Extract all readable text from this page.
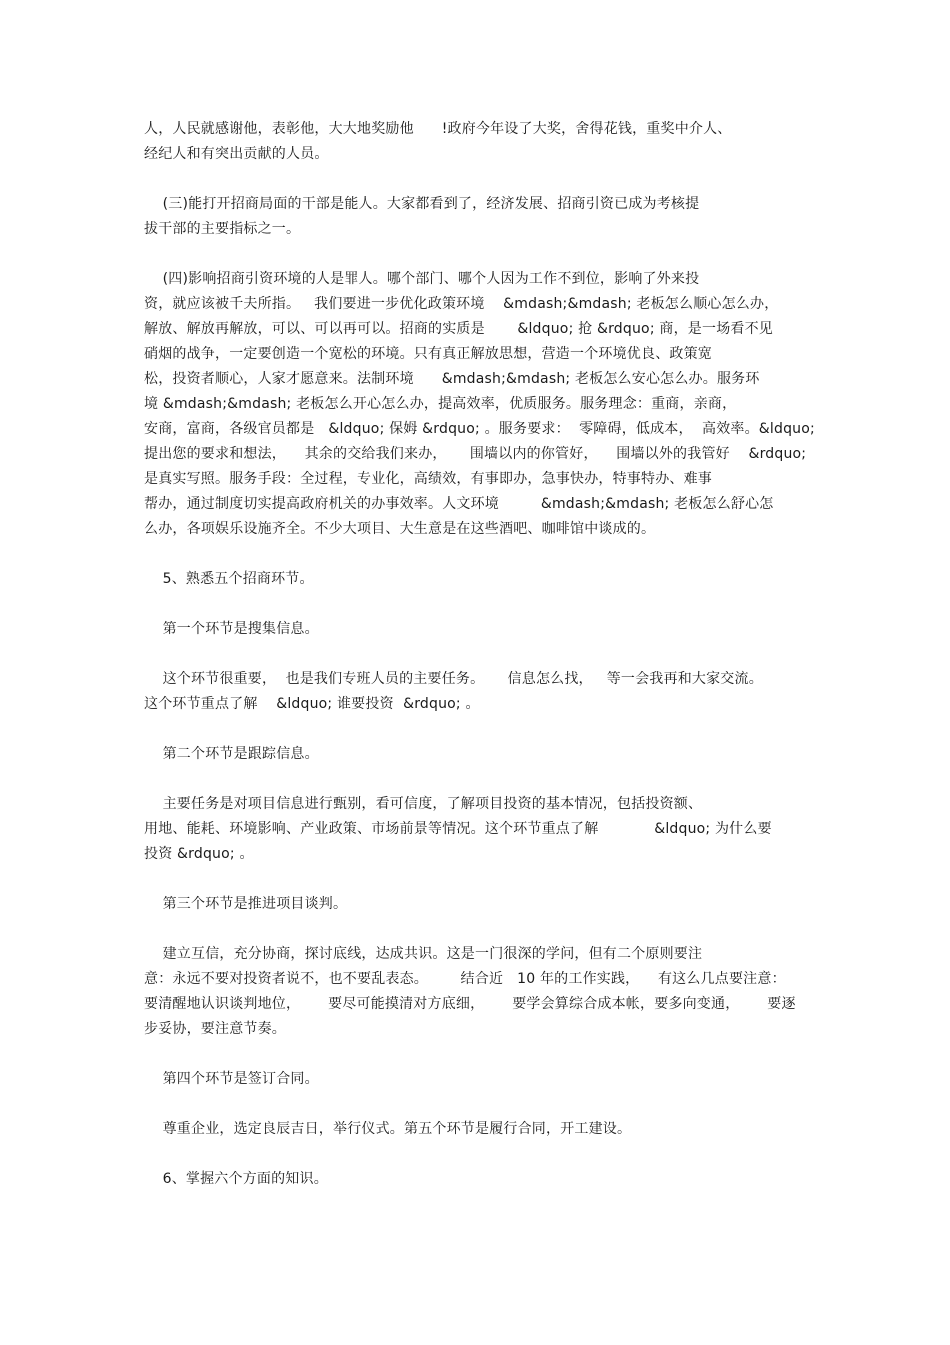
人，人民就感谢他，表彰他，大大地奖励他      !政府今年设了大奖，舍得花钱，重奖中介人、
经纪人和有突出贡献的人员。
(三)能打开招商局面的干部是能人。大家都看到了，经济发展、招商引资已成为考核提
拔干部的主要指标之一。
(四)影响招商引资环境的人是罪人。哪个部门、哪个人因为工作不到位，影响了外来投
资，就应该被千夫所指。   我们要进一步优化政策环境    &mdash;&mdash; 老板怎么顺心怎么办，
解放、解放再解放，可以、可以再可以。招商的实质是       &ldquo; 抢 &rdquo; 商，是一场看不见
硝烟的战争，一定要创造一个宽松的环境。只有真正解放思想，营造一个环境优良、政策宽
松，投资者顺心，人家才愿意来。法制环境      &mdash;&mdash; 老板怎么安心怎么办。服务环
境 &mdash;&mdash; 老板怎么开心怎么办，提高效率，优质服务。服务理念：重商，亲商，
安商，富商，各级官员都是   &ldquo; 保姆 &rdquo; 。服务要求：  零障碍，低成本，  高效率。&ldquo;
提出您的要求和想法，    其余的交给我们来办，     围墙以内的你管好，    围墙以外的我管好    &rdquo;
是真实写照。服务手段：全过程，专业化，高绩效，有事即办，急事快办，特事特办、难事
帮办，通过制度切实提高政府机关的办事效率。人文环境         &mdash;&mdash; 老板怎么舒心怎
么办，各项娱乐设施齐全。不少大项目、大生意是在这些酒吧、咖啡馆中谈成的。
5、熟悉五个招商环节。
第一个环节是搜集信息。
这个环节很重要，  也是我们专班人员的主要任务。     信息怎么找，   等一会我再和大家交流。
这个环节重点了解    &ldquo; 谁要投资  &rdquo; 。
第二个环节是跟踪信息。
主要任务是对项目信息进行甄别，看可信度，了解项目投资的基本情况，包括投资额、
用地、能耗、环境影响、产业政策、市场前景等情况。这个环节重点了解            &ldquo; 为什么要
投资 &rdquo; 。
第三个环节是推进项目谈判。
建立互信，充分协商，探讨底线，达成共识。这是一门很深的学问，但有二个原则要注
意：永远不要对投资者说不，也不要乱表态。       结合近   10 年的工作实践，    有这么几点要注意：
要清醒地认识谈判地位，      要尽可能摸清对方底细，      要学会算综合成本帐，要多向变通，      要逐
步妥协，要注意节奏。
第四个环节是签订合同。
尊重企业，选定良辰吉日，举行仪式。第五个环节是履行合同，开工建设。
6、掌握六个方面的知识。
